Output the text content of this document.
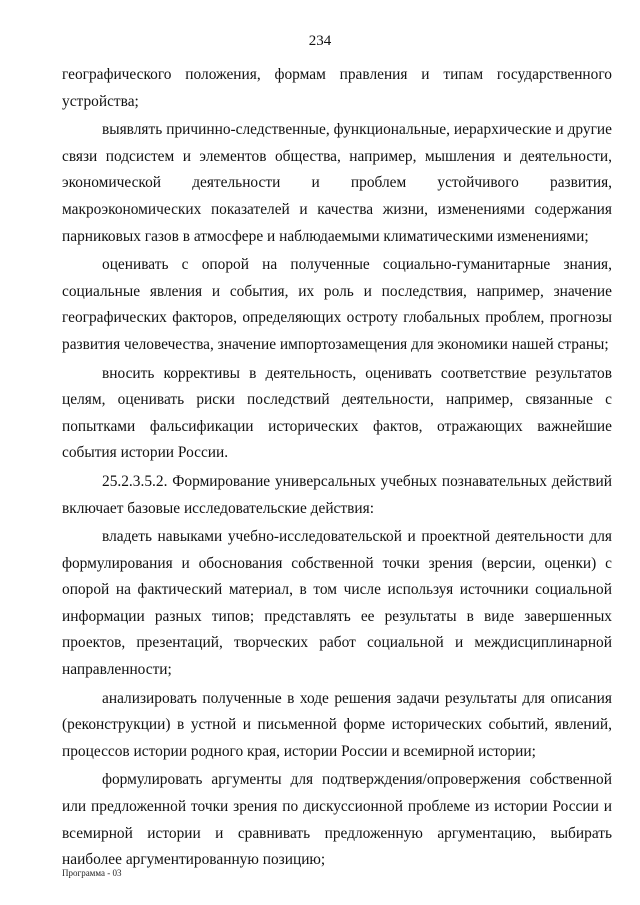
234

географического положения, формам правления и типам государственного устройства;

выявлять причинно-следственные, функциональные, иерархические и другие связи подсистем и элементов общества, например, мышления и деятельности, экономической деятельности и проблем устойчивого развития, макроэкономических показателей и качества жизни, изменениями содержания парниковых газов в атмосфере и наблюдаемыми климатическими изменениями;

оценивать с опорой на полученные социально-гуманитарные знания, социальные явления и события, их роль и последствия, например, значение географических факторов, определяющих остроту глобальных проблем, прогнозы развития человечества, значение импортозамещения для экономики нашей страны;

вносить коррективы в деятельность, оценивать соответствие результатов целям, оценивать риски последствий деятельности, например, связанные с попытками фальсификации исторических фактов, отражающих важнейшие события истории России.

25.2.3.5.2. Формирование универсальных учебных познавательных действий включает базовые исследовательские действия:

владеть навыками учебно-исследовательской и проектной деятельности для формулирования и обоснования собственной точки зрения (версии, оценки) с опорой на фактический материал, в том числе используя источники социальной информации разных типов; представлять ее результаты в виде завершенных проектов, презентаций, творческих работ социальной и междисциплинарной направленности;

анализировать полученные в ходе решения задачи результаты для описания (реконструкции) в устной и письменной форме исторических событий, явлений, процессов истории родного края, истории России и всемирной истории;

формулировать аргументы для подтверждения/опровержения собственной или предложенной точки зрения по дискуссионной проблеме из истории России и всемирной истории и сравнивать предложенную аргументацию, выбирать наиболее аргументированную позицию;

Программа - 03
